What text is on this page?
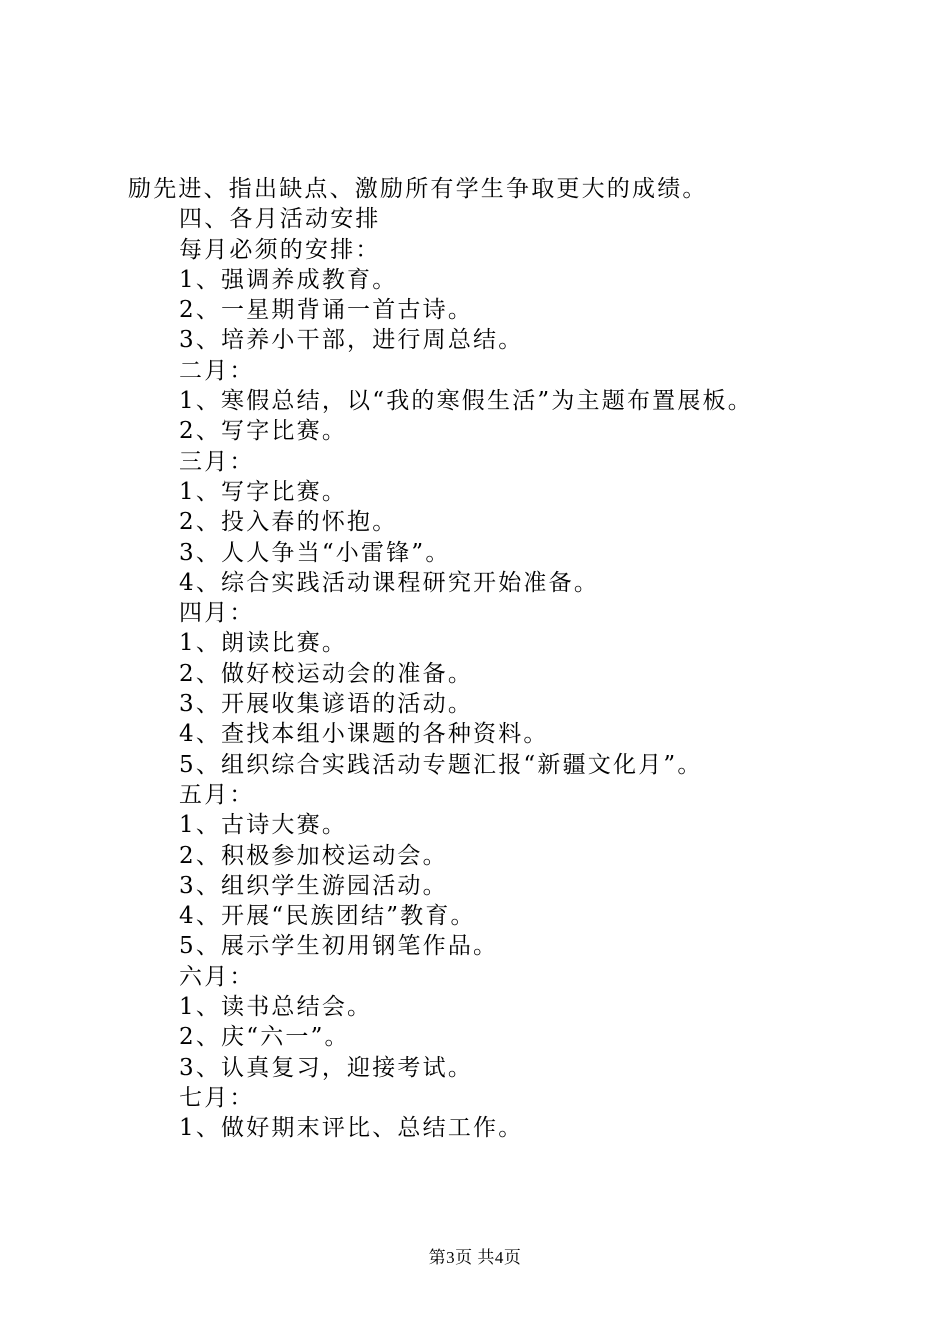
励先进、指出缺点、激励所有学生争取更大的成绩。
四、各月活动安排
每月必须的安排：
1、强调养成教育。
2、一星期背诵一首古诗。
3、培养小干部，进行周总结。
二月：
1、寒假总结，以“我的寒假生活”为主题布置展板。
2、写字比赛。
三月：
1、写字比赛。
2、投入春的怀抱。
3、人人争当“小雷锋”。
4、综合实践活动课程研究开始准备。
四月：
1、朗读比赛。
2、做好校运动会的准备。
3、开展收集谚语的活动。
4、查找本组小课题的各种资料。
5、组织综合实践活动专题汇报“新疆文化月”。
五月：
1、古诗大赛。
2、积极参加校运动会。
3、组织学生游园活动。
4、开展“民族团结”教育。
5、展示学生初用钢笔作品。
六月：
1、读书总结会。
2、庆“六一”。
3、认真复习，迎接考试。
七月：
1、做好期末评比、总结工作。
第3页 共4页
